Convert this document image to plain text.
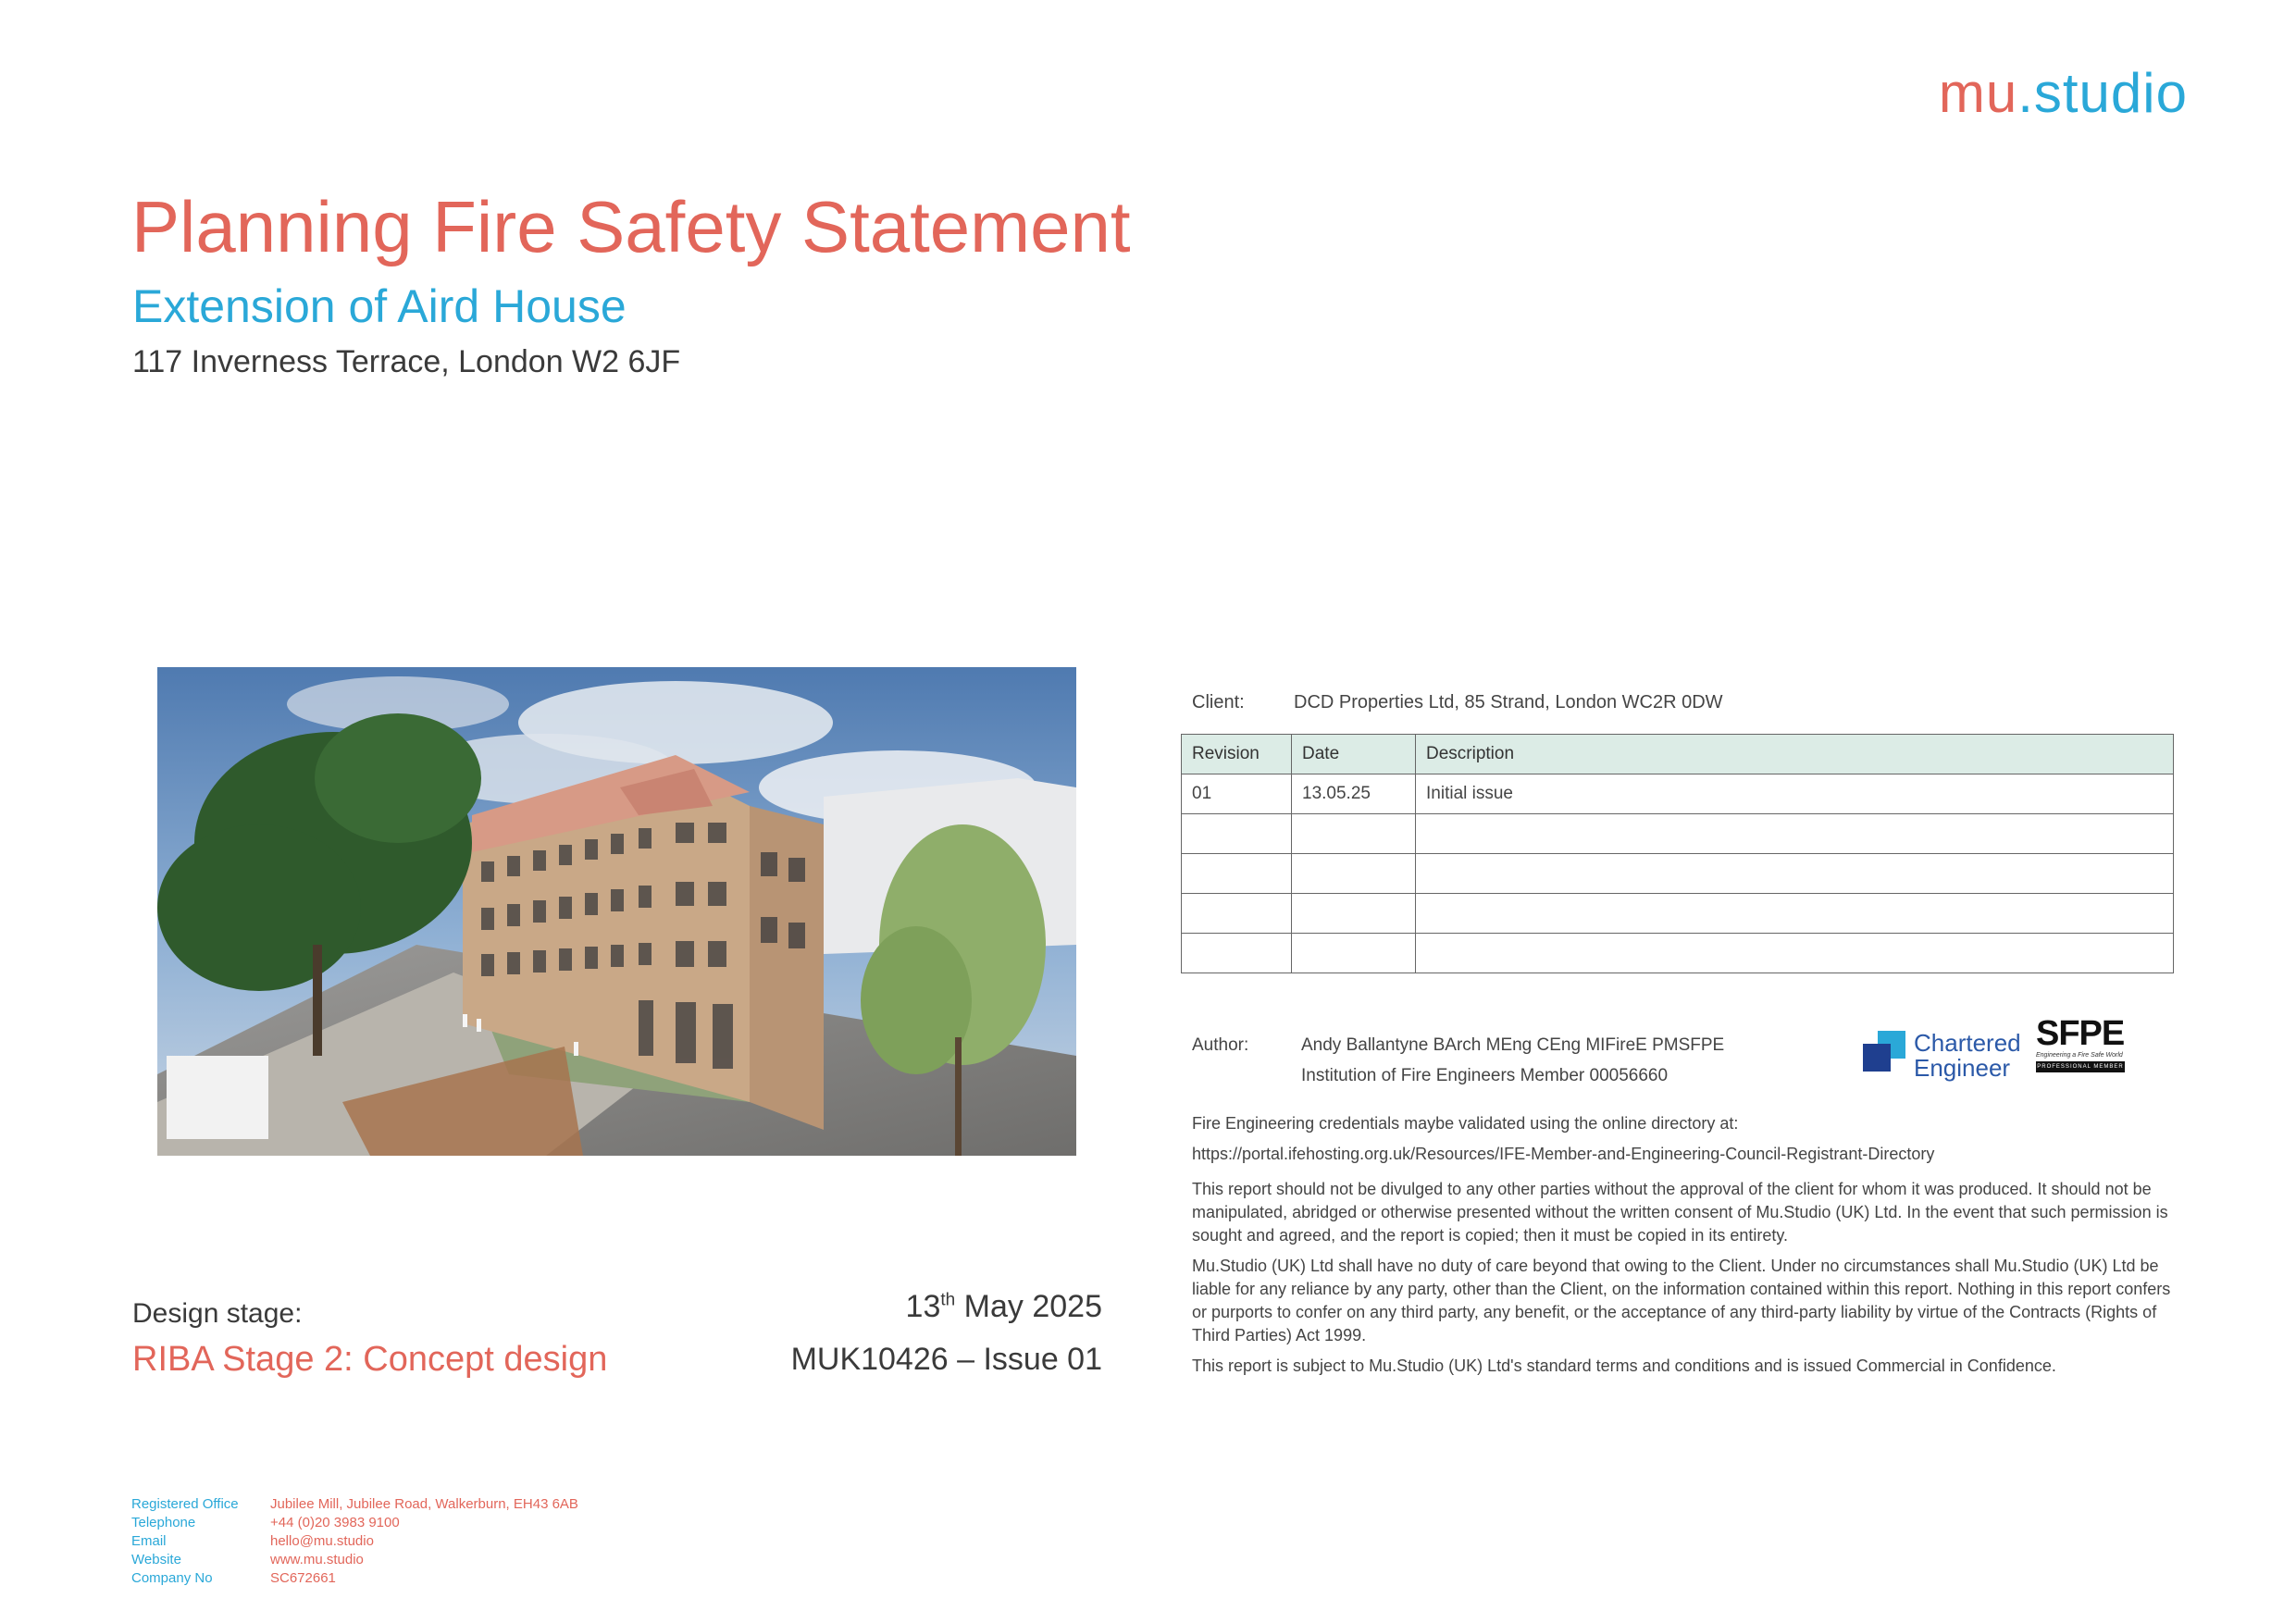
mu.studio
Planning Fire Safety Statement
Extension of Aird House
117 Inverness Terrace, London W2 6JF
Client:	DCD Properties Ltd, 85 Strand, London WC2R 0DW
Revision	Date	Description
01	13.05.25	Initial issue

Author:	Andy Ballantyne BArch MEng CEng MIFireE PMSFPE
Institution of Fire Engineers Member 00056660
Chartered
Engineer
SFPE
Engineering a Fire Safe World
PROFESSIONAL MEMBER
Fire Engineering credentials maybe validated using the online directory at:
https://portal.ifehosting.org.uk/Resources/IFE-Member-and-Engineering-Council-Registrant-Directory

This report should not be divulged to any other parties without the approval of the client for whom it was produced. It should not be manipulated, abridged or otherwise presented without the written consent of Mu.Studio (UK) Ltd. In the event that such permission is sought and agreed, and the report is copied; then it must be copied in its entirety.

Mu.Studio (UK) Ltd shall have no duty of care beyond that owing to the Client. Under no circumstances shall Mu.Studio (UK) Ltd be liable for any reliance by any party, other than the Client, on the information contained within this report. Nothing in this report confers or purports to confer on any third party, any benefit, or the acceptance of any third-party liability by virtue of the Contracts (Rights of Third Parties) Act 1999.

This report is subject to Mu.Studio (UK) Ltd's standard terms and conditions and is issued Commercial in Confidence.

Design stage:
RIBA Stage 2: Concept design
13th May 2025
MUK10426 – Issue 01
Registered Office Jubilee Mill, Jubilee Road, Walkerburn, EH43 6AB
Telephone	+44 (0)20 3983 9100
Email	hello@mu.studio
Website	www.mu.studio
Company No	SC672661
